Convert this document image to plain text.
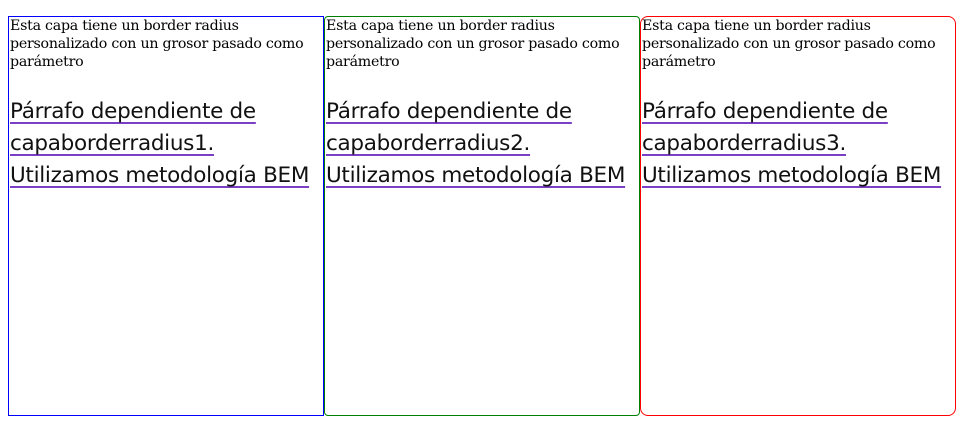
Esta capa tiene un border radius personalizado con un grosor pasado como parámetro

Párrafo dependiente de capaborderradius1. Utilizamos metodología BEM

Esta capa tiene un border radius personalizado con un grosor pasado como parámetro

Párrafo dependiente de capaborderradius2. Utilizamos metodología BEM

Esta capa tiene un border radius personalizado con un grosor pasado como parámetro

Párrafo dependiente de capaborderradius3. Utilizamos metodología BEM
